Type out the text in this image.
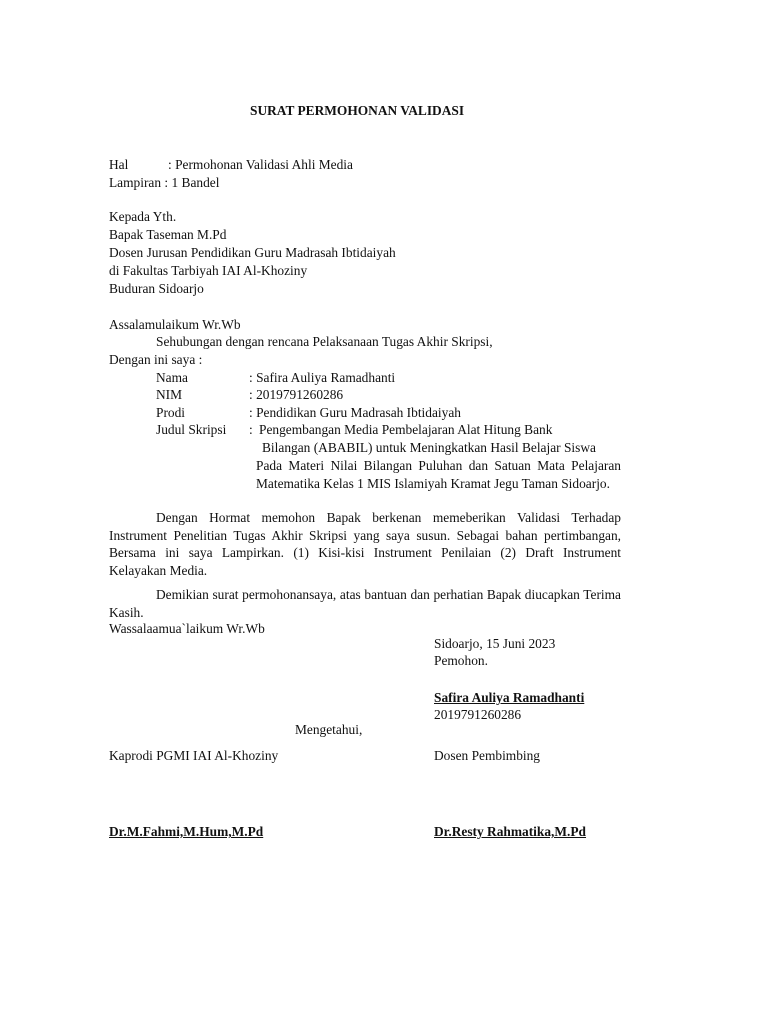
SURAT PERMOHONAN VALIDASI
Hal	: Permohonan Validasi Ahli Media
Lampiran : 1 Bandel
Kepada Yth.
Bapak Taseman M.Pd
Dosen Jurusan Pendidikan Guru Madrasah Ibtidaiyah
di Fakultas Tarbiyah IAI Al-Khoziny
Buduran Sidoarjo
Assalamulaikum Wr.Wb
Sehubungan dengan rencana Pelaksanaan Tugas Akhir Skripsi,
Dengan ini saya :
Nama	: Safira Auliya Ramadhanti
NIM	: 2019791260286
Prodi	: Pendidikan Guru Madrasah Ibtidaiyah
Judul Skripsi : Pengembangan Media Pembelajaran Alat Hitung Bank
Bilangan (ABABIL) untuk Meningkatkan Hasil Belajar Siswa
Pada Materi Nilai Bilangan Puluhan dan Satuan Mata Pelajaran Matematika Kelas 1 MIS Islamiyah Kramat Jegu Taman Sidoarjo.
Dengan Hormat memohon Bapak berkenan memeberikan Validasi Terhadap Instrument Penelitian Tugas Akhir Skripsi yang saya susun. Sebagai bahan pertimbangan, Bersama ini saya Lampirkan. (1) Kisi-kisi Instrument Penilaian (2) Draft Instrument Kelayakan Media.
Demikian surat permohonansaya, atas bantuan dan perhatian Bapak diucapkan Terima Kasih.
Wassalaamua`laikum Wr.Wb
Sidoarjo, 15 Juni 2023
Pemohon.
Safira Auliya Ramadhanti
2019791260286
Mengetahui,
Kaprodi PGMI IAI Al-Khoziny	Dosen Pembimbing
Dr.M.Fahmi,M.Hum,M.Pd	Dr.Resty Rahmatika,M.Pd
